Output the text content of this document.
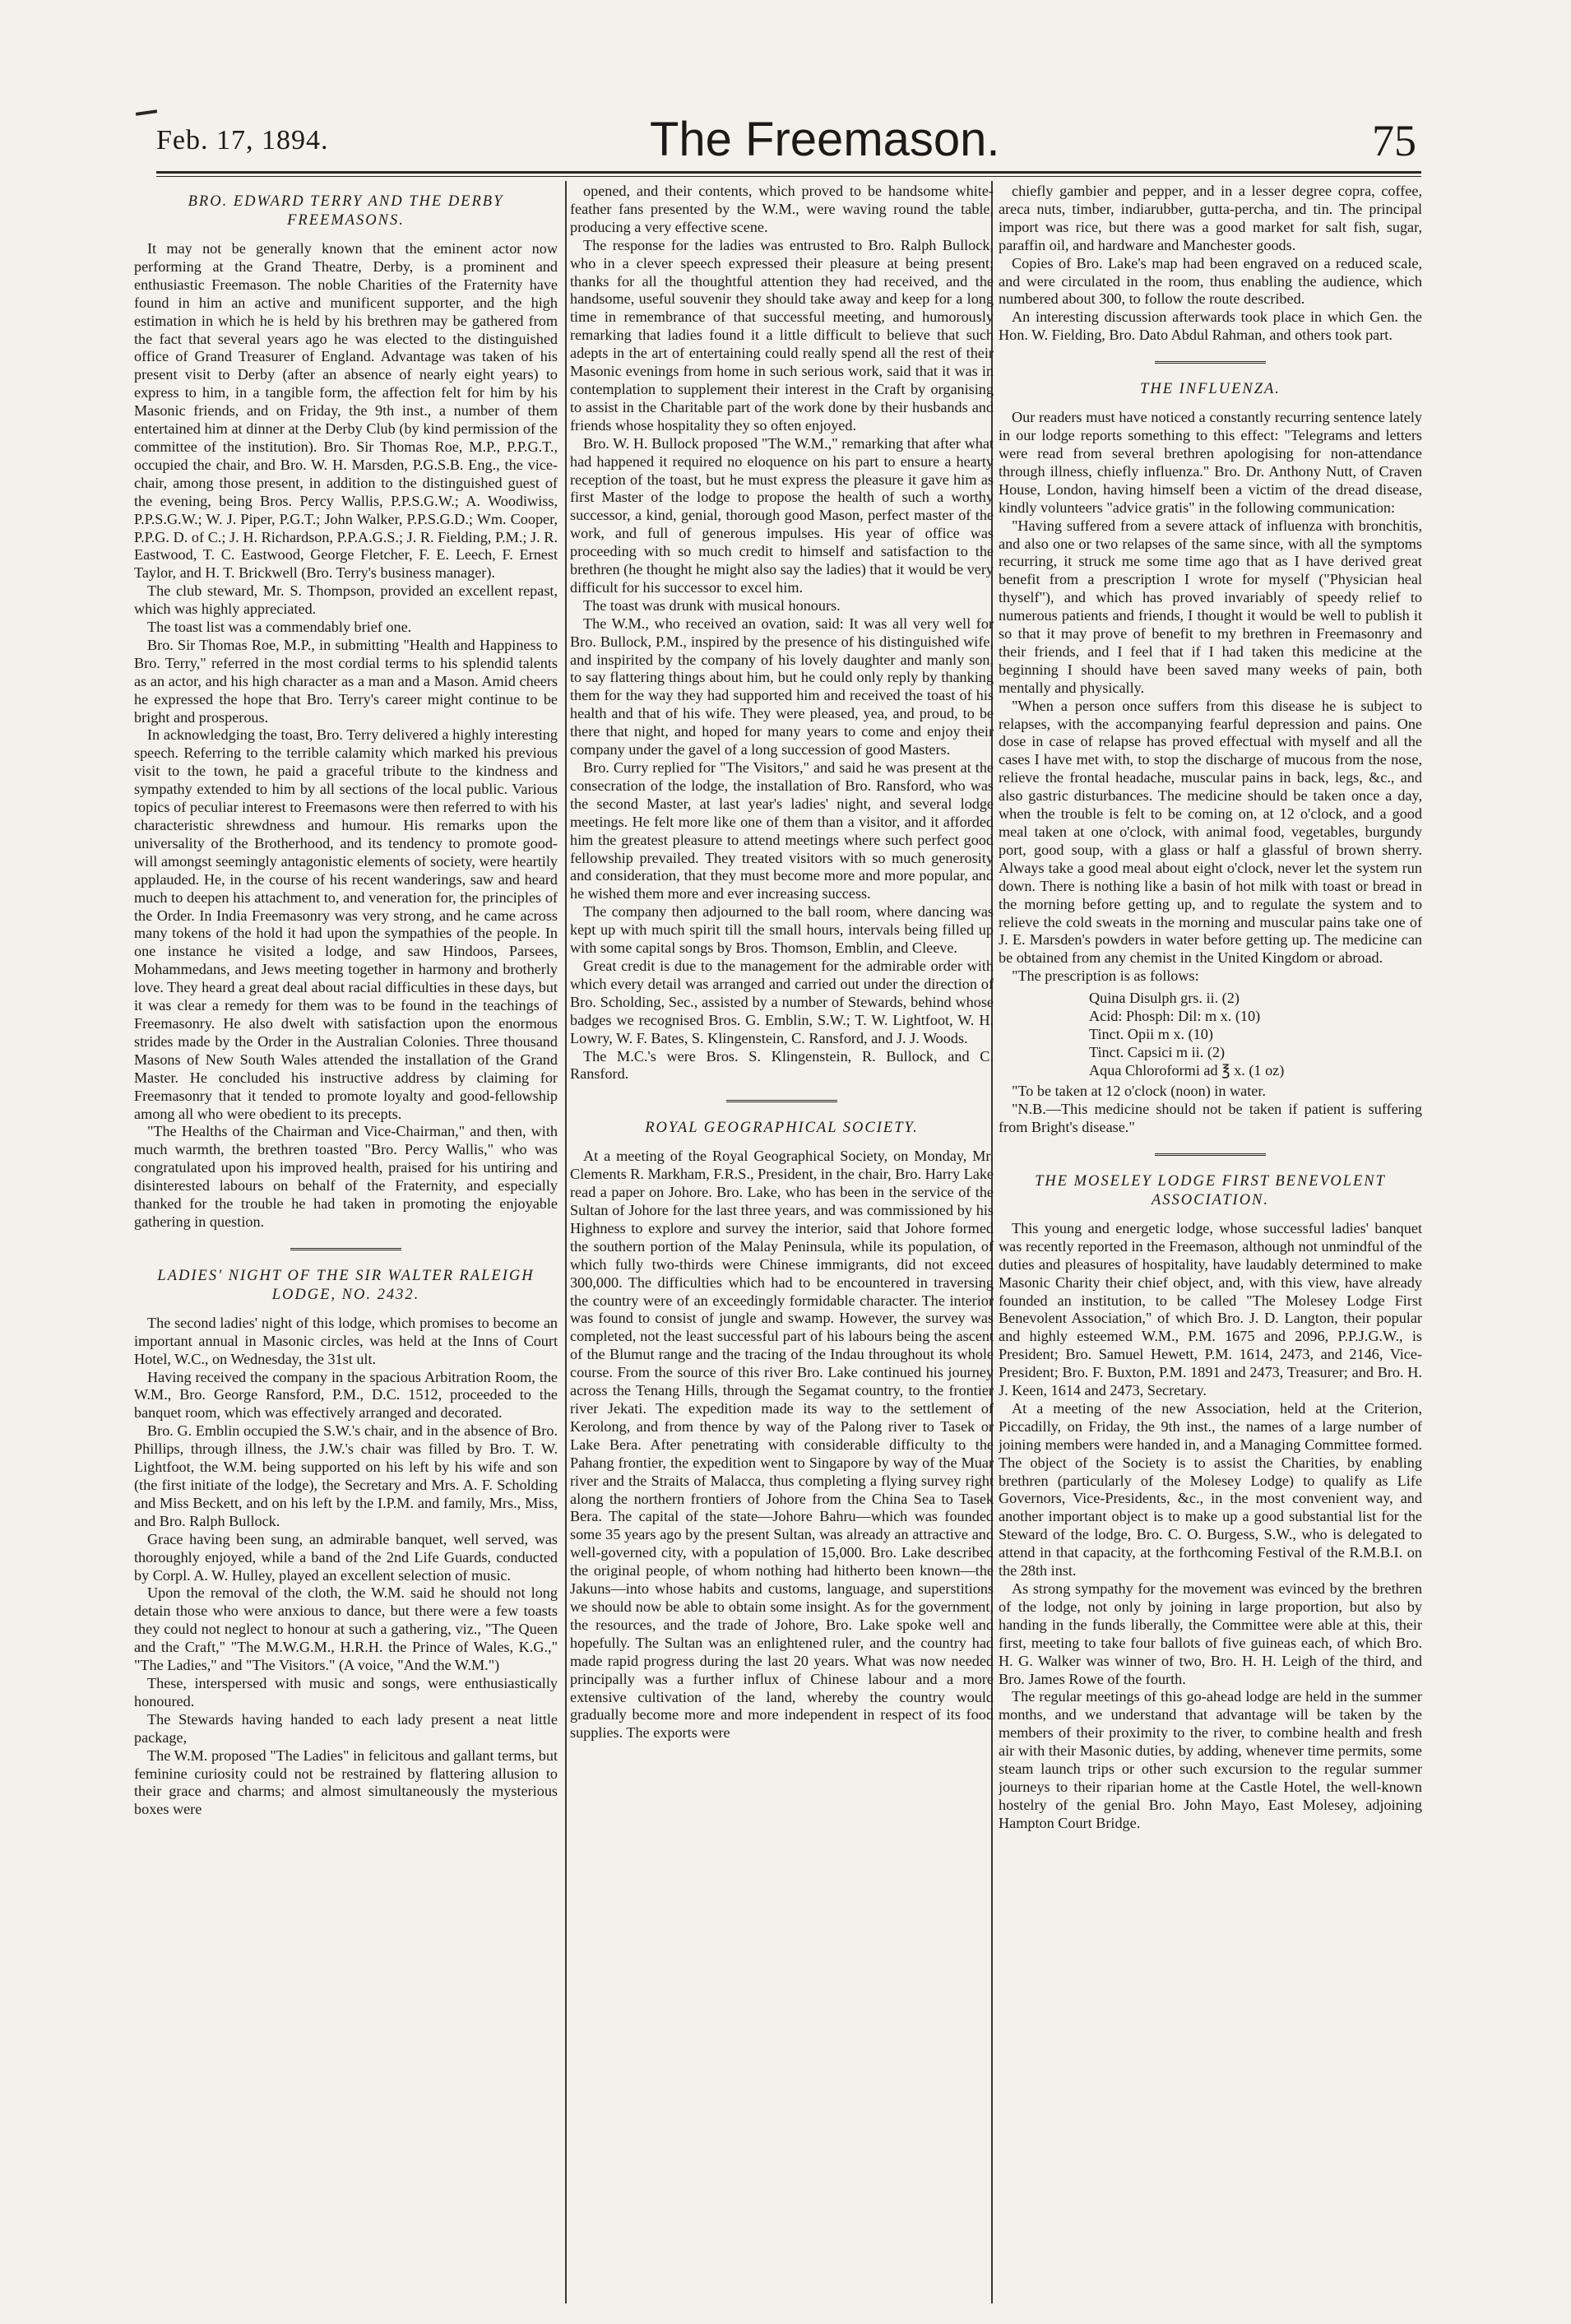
Feb. 17, 1894.	The Freemason.	75
BRO. EDWARD TERRY AND THE DERBY FREEMASONS.

It may not be generally known that the eminent actor now performing at the Grand Theatre, Derby, is a prominent and enthusiastic Freemason. The noble Charities of the Fraternity have found in him an active and munificent supporter, and the high estimation in which he is held by his brethren may be gathered from the fact that several years ago he was elected to the distinguished office of Grand Treasurer of England. Advantage was taken of his present visit to Derby (after an absence of nearly eight years) to express to him, in a tangible form, the affection felt for him by his Masonic friends, and on Friday, the 9th inst., a number of them entertained him at dinner at the Derby Club (by kind permission of the committee of the institution). Bro. Sir Thomas Roe, M.P., P.P.G.T., occupied the chair, and Bro. W. H. Marsden, P.G.S.B. Eng., the vice-chair, among those present, in addition to the distinguished guest of the evening, being Bros. Percy Wallis, P.P.S.G.W.; A. Woodiwiss, P.P.S.G.W.; W. J. Piper, P.G.T.; John Walker, P.P.S.G.D.; Wm. Cooper, P.P.G. D. of C.; J. H. Richardson, P.P.A.G.S.; J. R. Fielding, P.M.; J. R. Eastwood, T. C. Eastwood, George Fletcher, F. E. Leech, F. Ernest Taylor, and H. T. Brickwell (Bro. Terry's business manager).

The club steward, Mr. S. Thompson, provided an excellent repast, which was highly appreciated.

The toast list was a commendably brief one.

Bro. Sir Thomas Roe, M.P., in submitting "Health and Happiness to Bro. Terry," referred in the most cordial terms to his splendid talents as an actor, and his high character as a man and a Mason. Amid cheers he expressed the hope that Bro. Terry's career might continue to be bright and prosperous.

In acknowledging the toast, Bro. Terry delivered a highly interesting speech. Referring to the terrible calamity which marked his previous visit to the town, he paid a graceful tribute to the kindness and sympathy extended to him by all sections of the local public. Various topics of peculiar interest to Freemasons were then referred to with his characteristic shrewdness and humour. His remarks upon the universality of the Brotherhood, and its tendency to promote good-will amongst seemingly antagonistic elements of society, were heartily applauded. He, in the course of his recent wanderings, saw and heard much to deepen his attachment to, and veneration for, the principles of the Order. In India Freemasonry was very strong, and he came across many tokens of the hold it had upon the sympathies of the people. In one instance he visited a lodge, and saw Hindoos, Parsees, Mohammedans, and Jews meeting together in harmony and brotherly love. They heard a great deal about racial difficulties in these days, but it was clear a remedy for them was to be found in the teachings of Freemasonry. He also dwelt with satisfaction upon the enormous strides made by the Order in the Australian Colonies. Three thousand Masons of New South Wales attended the installation of the Grand Master. He concluded his instructive address by claiming for Freemasonry that it tended to promote loyalty and good-fellowship among all who were obedient to its precepts.

"The Healths of the Chairman and Vice-Chairman," and then, with much warmth, the brethren toasted "Bro. Percy Wallis," who was congratulated upon his improved health, praised for his untiring and disinterested labours on behalf of the Fraternity, and especially thanked for the trouble he had taken in promoting the enjoyable gathering in question.

LADIES' NIGHT OF THE SIR WALTER RALEIGH LODGE, NO. 2432.

The second ladies' night of this lodge, which promises to become an important annual in Masonic circles, was held at the Inns of Court Hotel, W.C., on Wednesday, the 31st ult.

Having received the company in the spacious Arbitration Room, the W.M., Bro. George Ransford, P.M., D.C. 1512, proceeded to the banquet room, which was effectively arranged and decorated.

Bro. G. Emblin occupied the S.W.'s chair, and in the absence of Bro. Phillips, through illness, the J.W.'s chair was filled by Bro. T. W. Lightfoot, the W.M. being supported on his left by his wife and son (the first initiate of the lodge), the Secretary and Mrs. A. F. Scholding and Miss Beckett, and on his left by the I.P.M. and family, Mrs., Miss, and Bro. Ralph Bullock.

Grace having been sung, an admirable banquet, well served, was thoroughly enjoyed, while a band of the 2nd Life Guards, conducted by Corpl. A. W. Hulley, played an excellent selection of music.

Upon the removal of the cloth, the W.M. said he should not long detain those who were anxious to dance, but there were a few toasts they could not neglect to honour at such a gathering, viz., "The Queen and the Craft," "The M.W.G.M., H.R.H. the Prince of Wales, K.G.," "The Ladies," and "The Visitors." (A voice, "And the W.M.")

These, interspersed with music and songs, were enthusiastically honoured.

The Stewards having handed to each lady present a neat little package,

The W.M. proposed "The Ladies" in felicitous and gallant terms, but feminine curiosity could not be restrained by flattering allusion to their grace and charms; and almost simultaneously the mysterious boxes were

opened, and their contents, which proved to be handsome white-feather fans presented by the W.M., were waving round the table, producing a very effective scene.

The response for the ladies was entrusted to Bro. Ralph Bullock, who in a clever speech expressed their pleasure at being present; thanks for all the thoughtful attention they had received, and the handsome, useful souvenir they should take away and keep for a long time in remembrance of that successful meeting, and humorously remarking that ladies found it a little difficult to believe that such adepts in the art of entertaining could really spend all the rest of their Masonic evenings from home in such serious work, said that it was in contemplation to supplement their interest in the Craft by organising to assist in the Charitable part of the work done by their husbands and friends whose hospitality they so often enjoyed.

Bro. W. H. Bullock proposed "The W.M.," remarking that after what had happened it required no eloquence on his part to ensure a hearty reception of the toast, but he must express the pleasure it gave him as first Master of the lodge to propose the health of such a worthy successor, a kind, genial, thorough good Mason, perfect master of the work, and full of generous impulses. His year of office was proceeding with so much credit to himself and satisfaction to the brethren (he thought he might also say the ladies) that it would be very difficult for his successor to excel him.

The toast was drunk with musical honours.

The W.M., who received an ovation, said: It was all very well for Bro. Bullock, P.M., inspired by the presence of his distinguished wife, and inspirited by the company of his lovely daughter and manly son, to say flattering things about him, but he could only reply by thanking them for the way they had supported him and received the toast of his health and that of his wife. They were pleased, yea, and proud, to be there that night, and hoped for many years to come and enjoy their company under the gavel of a long succession of good Masters.

Bro. Curry replied for "The Visitors," and said he was present at the consecration of the lodge, the installation of Bro. Ransford, who was the second Master, at last year's ladies' night, and several lodge meetings. He felt more like one of them than a visitor, and it afforded him the greatest pleasure to attend meetings where such perfect good fellowship prevailed. They treated visitors with so much generosity and consideration, that they must become more and more popular, and he wished them more and ever increasing success.

The company then adjourned to the ball room, where dancing was kept up with much spirit till the small hours, intervals being filled up with some capital songs by Bros. Thomson, Emblin, and Cleeve.

Great credit is due to the management for the admirable order with which every detail was arranged and carried out under the direction of Bro. Scholding, Sec., assisted by a number of Stewards, behind whose badges we recognised Bros. G. Emblin, S.W.; T. W. Lightfoot, W. H. Lowry, W. F. Bates, S. Klingenstein, C. Ransford, and J. J. Woods.

The M.C.'s were Bros. S. Klingenstein, R. Bullock, and C. Ransford.

ROYAL GEOGRAPHICAL SOCIETY.

At a meeting of the Royal Geographical Society, on Monday, Mr. Clements R. Markham, F.R.S., President, in the chair, Bro. Harry Lake read a paper on Johore. Bro. Lake, who has been in the service of the Sultan of Johore for the last three years, and was commissioned by his Highness to explore and survey the interior, said that Johore formed the southern portion of the Malay Peninsula, while its population, of which fully two-thirds were Chinese immigrants, did not exceed 300,000. The difficulties which had to be encountered in traversing the country were of an exceedingly formidable character. The interior was found to consist of jungle and swamp. However, the survey was completed, not the least successful part of his labours being the ascent of the Blumut range and the tracing of the Indau throughout its whole course. From the source of this river Bro. Lake continued his journey across the Tenang Hills, through the Segamat country, to the frontier river Jekati. The expedition made its way to the settlement of Kerolong, and from thence by way of the Palong river to Tasek or Lake Bera. After penetrating with considerable difficulty to the Pahang frontier, the expedition went to Singapore by way of the Muar river and the Straits of Malacca, thus completing a flying survey right along the northern frontiers of Johore from the China Sea to Tasek Bera. The capital of the state—Johore Bahru—which was founded some 35 years ago by the present Sultan, was already an attractive and well-governed city, with a population of 15,000. Bro. Lake described the original people, of whom nothing had hitherto been known—the Jakuns—into whose habits and customs, language, and superstitions we should now be able to obtain some insight. As for the government, the resources, and the trade of Johore, Bro. Lake spoke well and hopefully. The Sultan was an enlightened ruler, and the country had made rapid progress during the last 20 years. What was now needed principally was a further influx of Chinese labour and a more extensive cultivation of the land, whereby the country would gradually become more and more independent in respect of its food supplies. The exports were

chiefly gambier and pepper, and in a lesser degree copra, coffee, areca nuts, timber, indiarubber, gutta-percha, and tin. The principal import was rice, but there was a good market for salt fish, sugar, paraffin oil, and hardware and Manchester goods.

Copies of Bro. Lake's map had been engraved on a reduced scale, and were circulated in the room, thus enabling the audience, which numbered about 300, to follow the route described.

An interesting discussion afterwards took place in which Gen. the Hon. W. Fielding, Bro. Dato Abdul Rahman, and others took part.

THE INFLUENZA.

Our readers must have noticed a constantly recurring sentence lately in our lodge reports something to this effect: "Telegrams and letters were read from several brethren apologising for non-attendance through illness, chiefly influenza." Bro. Dr. Anthony Nutt, of Craven House, London, having himself been a victim of the dread disease, kindly volunteers "advice gratis" in the following communication:

"Having suffered from a severe attack of influenza with bronchitis, and also one or two relapses of the same since, with all the symptoms recurring, it struck me some time ago that as I have derived great benefit from a prescription I wrote for myself ("Physician heal thyself"), and which has proved invariably of speedy relief to numerous patients and friends, I thought it would be well to publish it so that it may prove of benefit to my brethren in Freemasonry and their friends, and I feel that if I had taken this medicine at the beginning I should have been saved many weeks of pain, both mentally and physically.

"When a person once suffers from this disease he is subject to relapses, with the accompanying fearful depression and pains. One dose in case of relapse has proved effectual with myself and all the cases I have met with, to stop the discharge of mucous from the nose, relieve the frontal headache, muscular pains in back, legs, &c., and also gastric disturbances. The medicine should be taken once a day, when the trouble is felt to be coming on, at 12 o'clock, and a good meal taken at one o'clock, with animal food, vegetables, burgundy port, good soup, with a glass or half a glassful of brown sherry. Always take a good meal about eight o'clock, never let the system run down. There is nothing like a basin of hot milk with toast or bread in the morning before getting up, and to regulate the system and to relieve the cold sweats in the morning and muscular pains take one of J. E. Marsden's powders in water before getting up. The medicine can be obtained from any chemist in the United Kingdom or abroad.

"The prescription is as follows:

Quina Disulph grs. ii. (2)
Acid: Phosph: Dil: m x. (10)
Tinct. Opii m x. (10)
Tinct. Capsici m ii. (2)
Aqua Chloroformi ad ℥ x. (1 oz)

"To be taken at 12 o'clock (noon) in water.

"N.B.—This medicine should not be taken if patient is suffering from Bright's disease."

THE MOSELEY LODGE FIRST BENEVOLENT ASSOCIATION.

This young and energetic lodge, whose successful ladies' banquet was recently reported in the Freemason, although not unmindful of the duties and pleasures of hospitality, have laudably determined to make Masonic Charity their chief object, and, with this view, have already founded an institution, to be called "The Molesey Lodge First Benevolent Association," of which Bro. J. D. Langton, their popular and highly esteemed W.M., P.M. 1675 and 2096, P.P.J.G.W., is President; Bro. Samuel Hewett, P.M. 1614, 2473, and 2146, Vice-President; Bro. F. Buxton, P.M. 1891 and 2473, Treasurer; and Bro. H. J. Keen, 1614 and 2473, Secretary.

At a meeting of the new Association, held at the Criterion, Piccadilly, on Friday, the 9th inst., the names of a large number of joining members were handed in, and a Managing Committee formed. The object of the Society is to assist the Charities, by enabling brethren (particularly of the Molesey Lodge) to qualify as Life Governors, Vice-Presidents, &c., in the most convenient way, and another important object is to make up a good substantial list for the Steward of the lodge, Bro. C. O. Burgess, S.W., who is delegated to attend in that capacity, at the forthcoming Festival of the R.M.B.I. on the 28th inst.

As strong sympathy for the movement was evinced by the brethren of the lodge, not only by joining in large proportion, but also by handing in the funds liberally, the Committee were able at this, their first, meeting to take four ballots of five guineas each, of which Bro. H. G. Walker was winner of two, Bro. H. H. Leigh of the third, and Bro. James Rowe of the fourth.

The regular meetings of this go-ahead lodge are held in the summer months, and we understand that advantage will be taken by the members of their proximity to the river, to combine health and fresh air with their Masonic duties, by adding, whenever time permits, some steam launch trips or other such excursion to the regular summer journeys to their riparian home at the Castle Hotel, the well-known hostelry of the genial Bro. John Mayo, East Molesey, adjoining Hampton Court Bridge.
